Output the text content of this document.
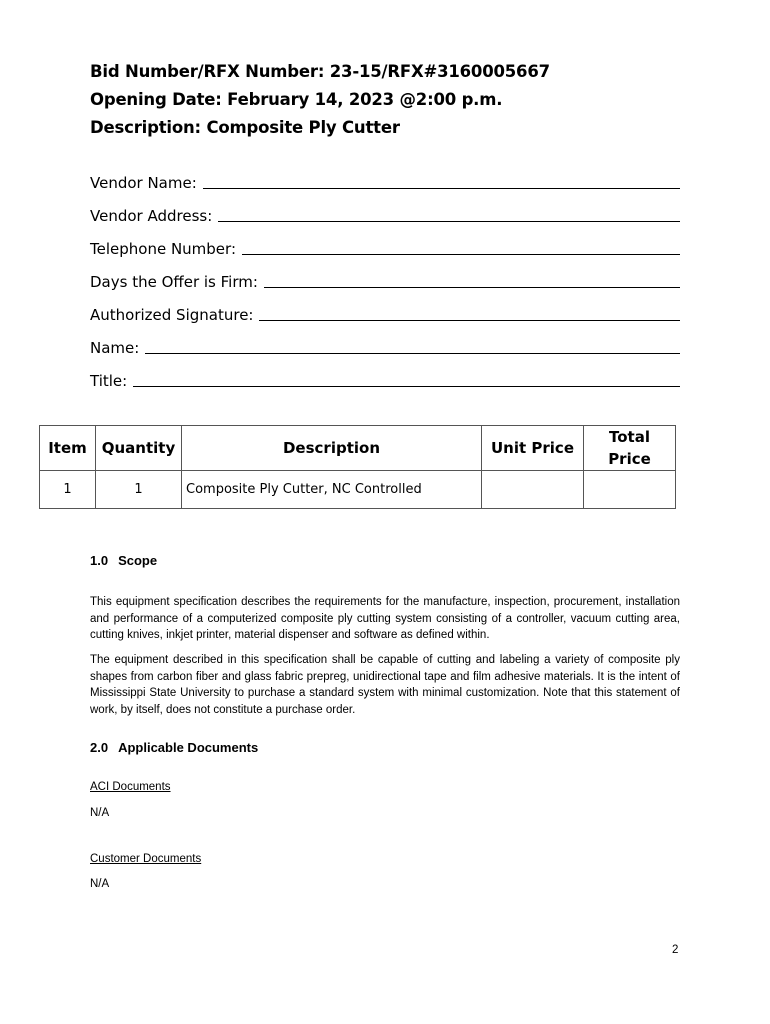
Bid Number/RFX Number: 23-15/RFX#3160005667
Opening Date: February 14, 2023 @2:00 p.m.
Description: Composite Ply Cutter
Vendor Name:
Vendor Address:
Telephone Number:
Days the Offer is Firm:
Authorized Signature:
Name:
Title:
Item	Quantity	Description	Unit Price	Total Price
1	1	Composite Ply Cutter, NC Controlled		
1.0 Scope
This equipment specification describes the requirements for the manufacture, inspection, procurement, installation and performance of a computerized composite ply cutting system consisting of a controller, vacuum cutting area, cutting knives, inkjet printer, material dispenser and software as defined within.
The equipment described in this specification shall be capable of cutting and labeling a variety of composite ply shapes from carbon fiber and glass fabric prepreg, unidirectional tape and film adhesive materials. It is the intent of Mississippi State University to purchase a standard system with minimal customization. Note that this statement of work, by itself, does not constitute a purchase order.
2.0 Applicable Documents
ACI Documents
N/A
Customer Documents
N/A
2
